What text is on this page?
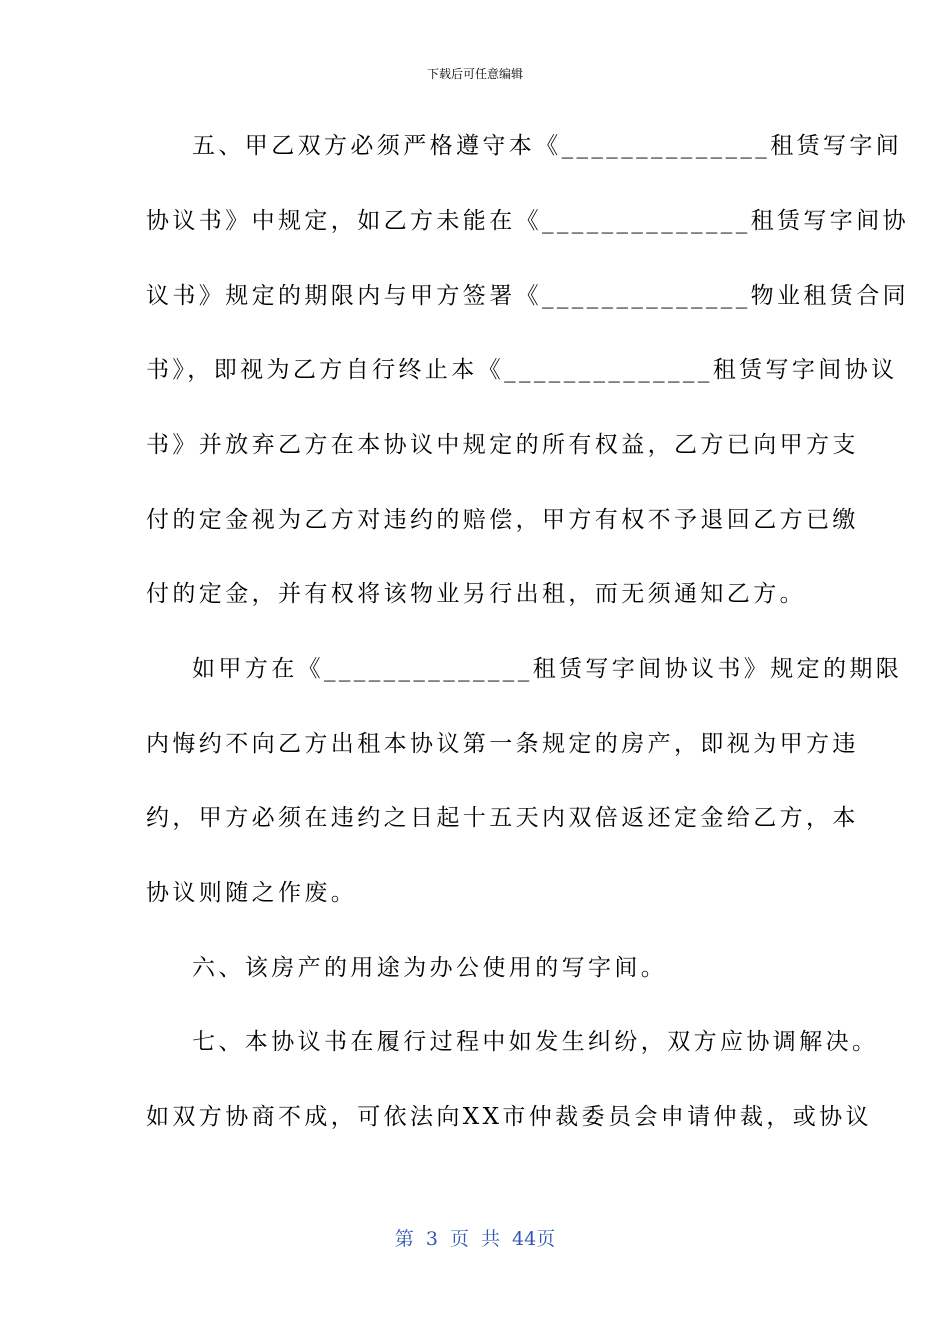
下载后可任意编辑
五、甲乙双方必须严格遵守本《______________租赁写字间
协议书》中规定，如乙方未能在《______________租赁写字间协
议书》规定的期限内与甲方签署《______________物业租赁合同
书》，即视为乙方自行终止本《______________租赁写字间协议
书》并放弃乙方在本协议中规定的所有权益，乙方已向甲方支
付的定金视为乙方对违约的赔偿，甲方有权不予退回乙方已缴
付的定金，并有权将该物业另行出租，而无须通知乙方。
如甲方在《______________租赁写字间协议书》规定的期限
内悔约不向乙方出租本协议第一条规定的房产，即视为甲方违
约，甲方必须在违约之日起十五天内双倍返还定金给乙方，本
协议则随之作废。
六、该房产的用途为办公使用的写字间。
七、本协议书在履行过程中如发生纠纷，双方应协调解决。
如双方协商不成，可依法向XX市仲裁委员会申请仲裁，或协议
第 3 页 共 44页
